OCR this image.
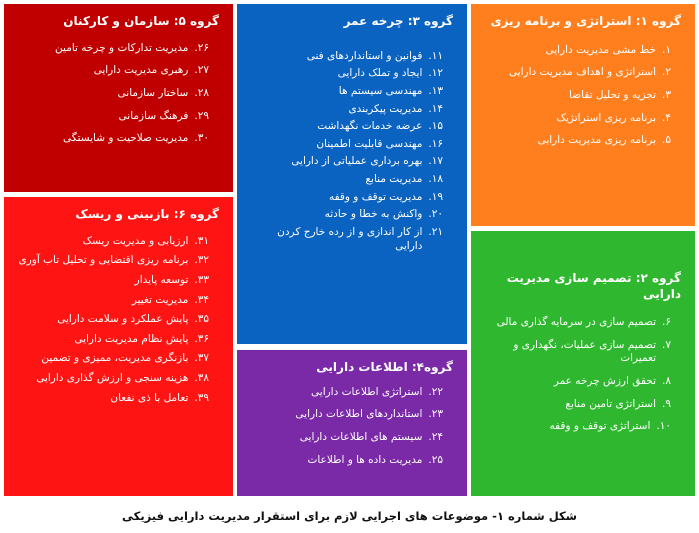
گروه ۱: استراتژی و برنامه ریزی
۱.
خط مشی مدیریت دارایی
۲.
استراتژی و اهداف مدیریت دارایی
۳.
تجزیه و تحلیل تقاضا
۴.
برنامه ریزی استراتژیک
۵.
برنامه ریزی مدیریت دارایی
گروه ۲: تصمیم سازی مدیریت دارایی
۶.
تصمیم سازی در سرمایه گذاری مالی
۷.
تصمیم سازی عملیات، نگهداری و تعمیرات
۸.
تحقق ارزش چرخه عمر
۹.
استراتژی تامین منابع
۱۰.
استراتژی توقف و وقفه
گروه ۳: چرخه عمر
۱۱.
قوانین و استانداردهای فنی
۱۲.
ایجاد و تملک دارایی
۱۳.
مهندسی سیستم ها
۱۴.
مدیریت پیکربندی
۱۵.
عرضه خدمات نگهداشت
۱۶.
مهندسی قابلیت اطمینان
۱۷.
بهره برداری عملیاتی از دارایی
۱۸.
مدیریت منابع
۱۹.
مدیریت توقف و وقفه
۲۰.
واکنش به خطا و حادثه
۲۱.
از کار اندازی و از رده خارج کردن دارایی
گروه۴: اطلاعات دارایی
۲۲.
استراتژی اطلاعات دارایی
۲۳.
استانداردهای اطلاعات دارایی
۲۴.
سیستم های اطلاعات دارایی
۲۵.
مدیریت داده ها و اطلاعات
گروه ۵: سازمان و کارکنان
۲۶.
مدیریت تدارکات و چرخه تامین
۲۷.
رهبری مدیریت دارایی
۲۸.
ساختار سازمانی
۲۹.
فرهنگ سازمانی
۳۰.
مدیریت صلاحیت و شایستگی
گروه ۶: بازبینی و ریسک
۳۱.
ارزیابی و مدیریت ریسک
۳۲.
برنامه ریزی اقتضایی و تحلیل تاب آوری
۳۳.
توسعه پایدار
۳۴.
مدیریت تغییر
۳۵.
پایش عملکرد و سلامت دارایی
۳۶.
پایش نظام مدیریت دارایی
۳۷.
بازنگری مدیریت، ممیزی و تضمین
۳۸.
هزینه سنجی و ارزش گذاری دارایی
۳۹.
تعامل با ذی نفعان
شکل شماره ۱- موضوعات های اجرایی لازم برای استقرار مدیریت دارایی فیزیکی
